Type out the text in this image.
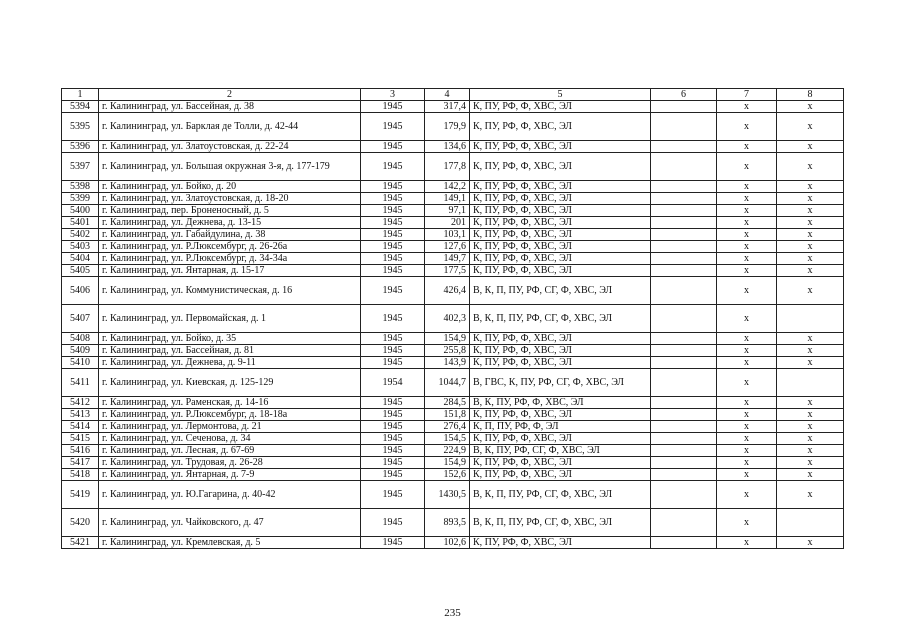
1	2	3	4	5	6	7	8
5394	г. Калининград, ул. Бассейная, д. 38	1945	317,4	К, ПУ, РФ, Ф, ХВС, ЭЛ		х	х
5395	г. Калининград, ул. Барклая де Толли, д. 42-44	1945	179,9	К, ПУ, РФ, Ф, ХВС, ЭЛ		х	х
5396	г. Калининград, ул. Златоустовская, д. 22-24	1945	134,6	К, ПУ, РФ, Ф, ХВС, ЭЛ		х	х
5397	г. Калининград, ул. Большая окружная 3-я, д. 177-179	1945	177,8	К, ПУ, РФ, Ф, ХВС, ЭЛ		х	х
5398	г. Калининград, ул. Бойко, д. 20	1945	142,2	К, ПУ, РФ, Ф, ХВС, ЭЛ		х	х
5399	г. Калининград, ул. Златоустовская, д. 18-20	1945	149,1	К, ПУ, РФ, Ф, ХВС, ЭЛ		х	х
5400	г. Калининград, пер. Броненосный, д. 5	1945	97,1	К, ПУ, РФ, Ф, ХВС, ЭЛ		х	х
5401	г. Калининград, ул. Дежнева, д. 13-15	1945	201	К, ПУ, РФ, Ф, ХВС, ЭЛ		х	х
5402	г. Калининград, ул. Габайдулина, д. 38	1945	103,1	К, ПУ, РФ, Ф, ХВС, ЭЛ		х	х
5403	г. Калининград, ул. Р.Люксембург, д. 26-26а	1945	127,6	К, ПУ, РФ, Ф, ХВС, ЭЛ		х	х
5404	г. Калининград, ул. Р.Люксембург, д. 34-34а	1945	149,7	К, ПУ, РФ, Ф, ХВС, ЭЛ		х	х
5405	г. Калининград, ул. Янтарная, д. 15-17	1945	177,5	К, ПУ, РФ, Ф, ХВС, ЭЛ		х	х
5406	г. Калининград, ул. Коммунистическая, д. 16	1945	426,4	В, К, П, ПУ, РФ, СГ, Ф, ХВС, ЭЛ		х	х
5407	г. Калининград, ул. Первомайская, д. 1	1945	402,3	В, К, П, ПУ, РФ, СГ, Ф, ХВС, ЭЛ		х	
5408	г. Калининград, ул. Бойко, д. 35	1945	154,9	К, ПУ, РФ, Ф, ХВС, ЭЛ		х	х
5409	г. Калининград, ул. Бассейная, д. 81	1945	255,8	К, ПУ, РФ, Ф, ХВС, ЭЛ		х	х
5410	г. Калининград, ул. Дежнева, д. 9-11	1945	143,9	К, ПУ, РФ, Ф, ХВС, ЭЛ		х	х
5411	г. Калининград, ул. Киевская, д. 125-129	1954	1044,7	В, ГВС, К, ПУ, РФ, СГ, Ф, ХВС, ЭЛ		х	
5412	г. Калининград, ул. Раменская, д. 14-16	1945	284,5	В, К, ПУ, РФ, Ф, ХВС, ЭЛ		х	х
5413	г. Калининград, ул. Р.Люксембург, д. 18-18а	1945	151,8	К, ПУ, РФ, Ф, ХВС, ЭЛ		х	х
5414	г. Калининград, ул. Лермонтова, д. 21	1945	276,4	К, П, ПУ, РФ, Ф, ЭЛ		х	х
5415	г. Калининград, ул. Сеченова, д. 34	1945	154,5	К, ПУ, РФ, Ф, ХВС, ЭЛ		х	х
5416	г. Калининград, ул. Лесная, д. 67-69	1945	224,9	В, К, ПУ, РФ, СГ, Ф, ХВС, ЭЛ		х	х
5417	г. Калининград, ул. Трудовая, д. 26-28	1945	154,9	К, ПУ, РФ, Ф, ХВС, ЭЛ		х	х
5418	г. Калининград, ул. Янтарная, д. 7-9	1945	152,6	К, ПУ, РФ, Ф, ХВС, ЭЛ		х	х
5419	г. Калининград, ул. Ю.Гагарина, д. 40-42	1945	1430,5	В, К, П, ПУ, РФ, СГ, Ф, ХВС, ЭЛ		х	х
5420	г. Калининград, ул. Чайковского, д. 47	1945	893,5	В, К, П, ПУ, РФ, СГ, Ф, ХВС, ЭЛ		х	
5421	г. Калининград, ул. Кремлевская, д. 5	1945	102,6	К, ПУ, РФ, Ф, ХВС, ЭЛ		х	х
235
